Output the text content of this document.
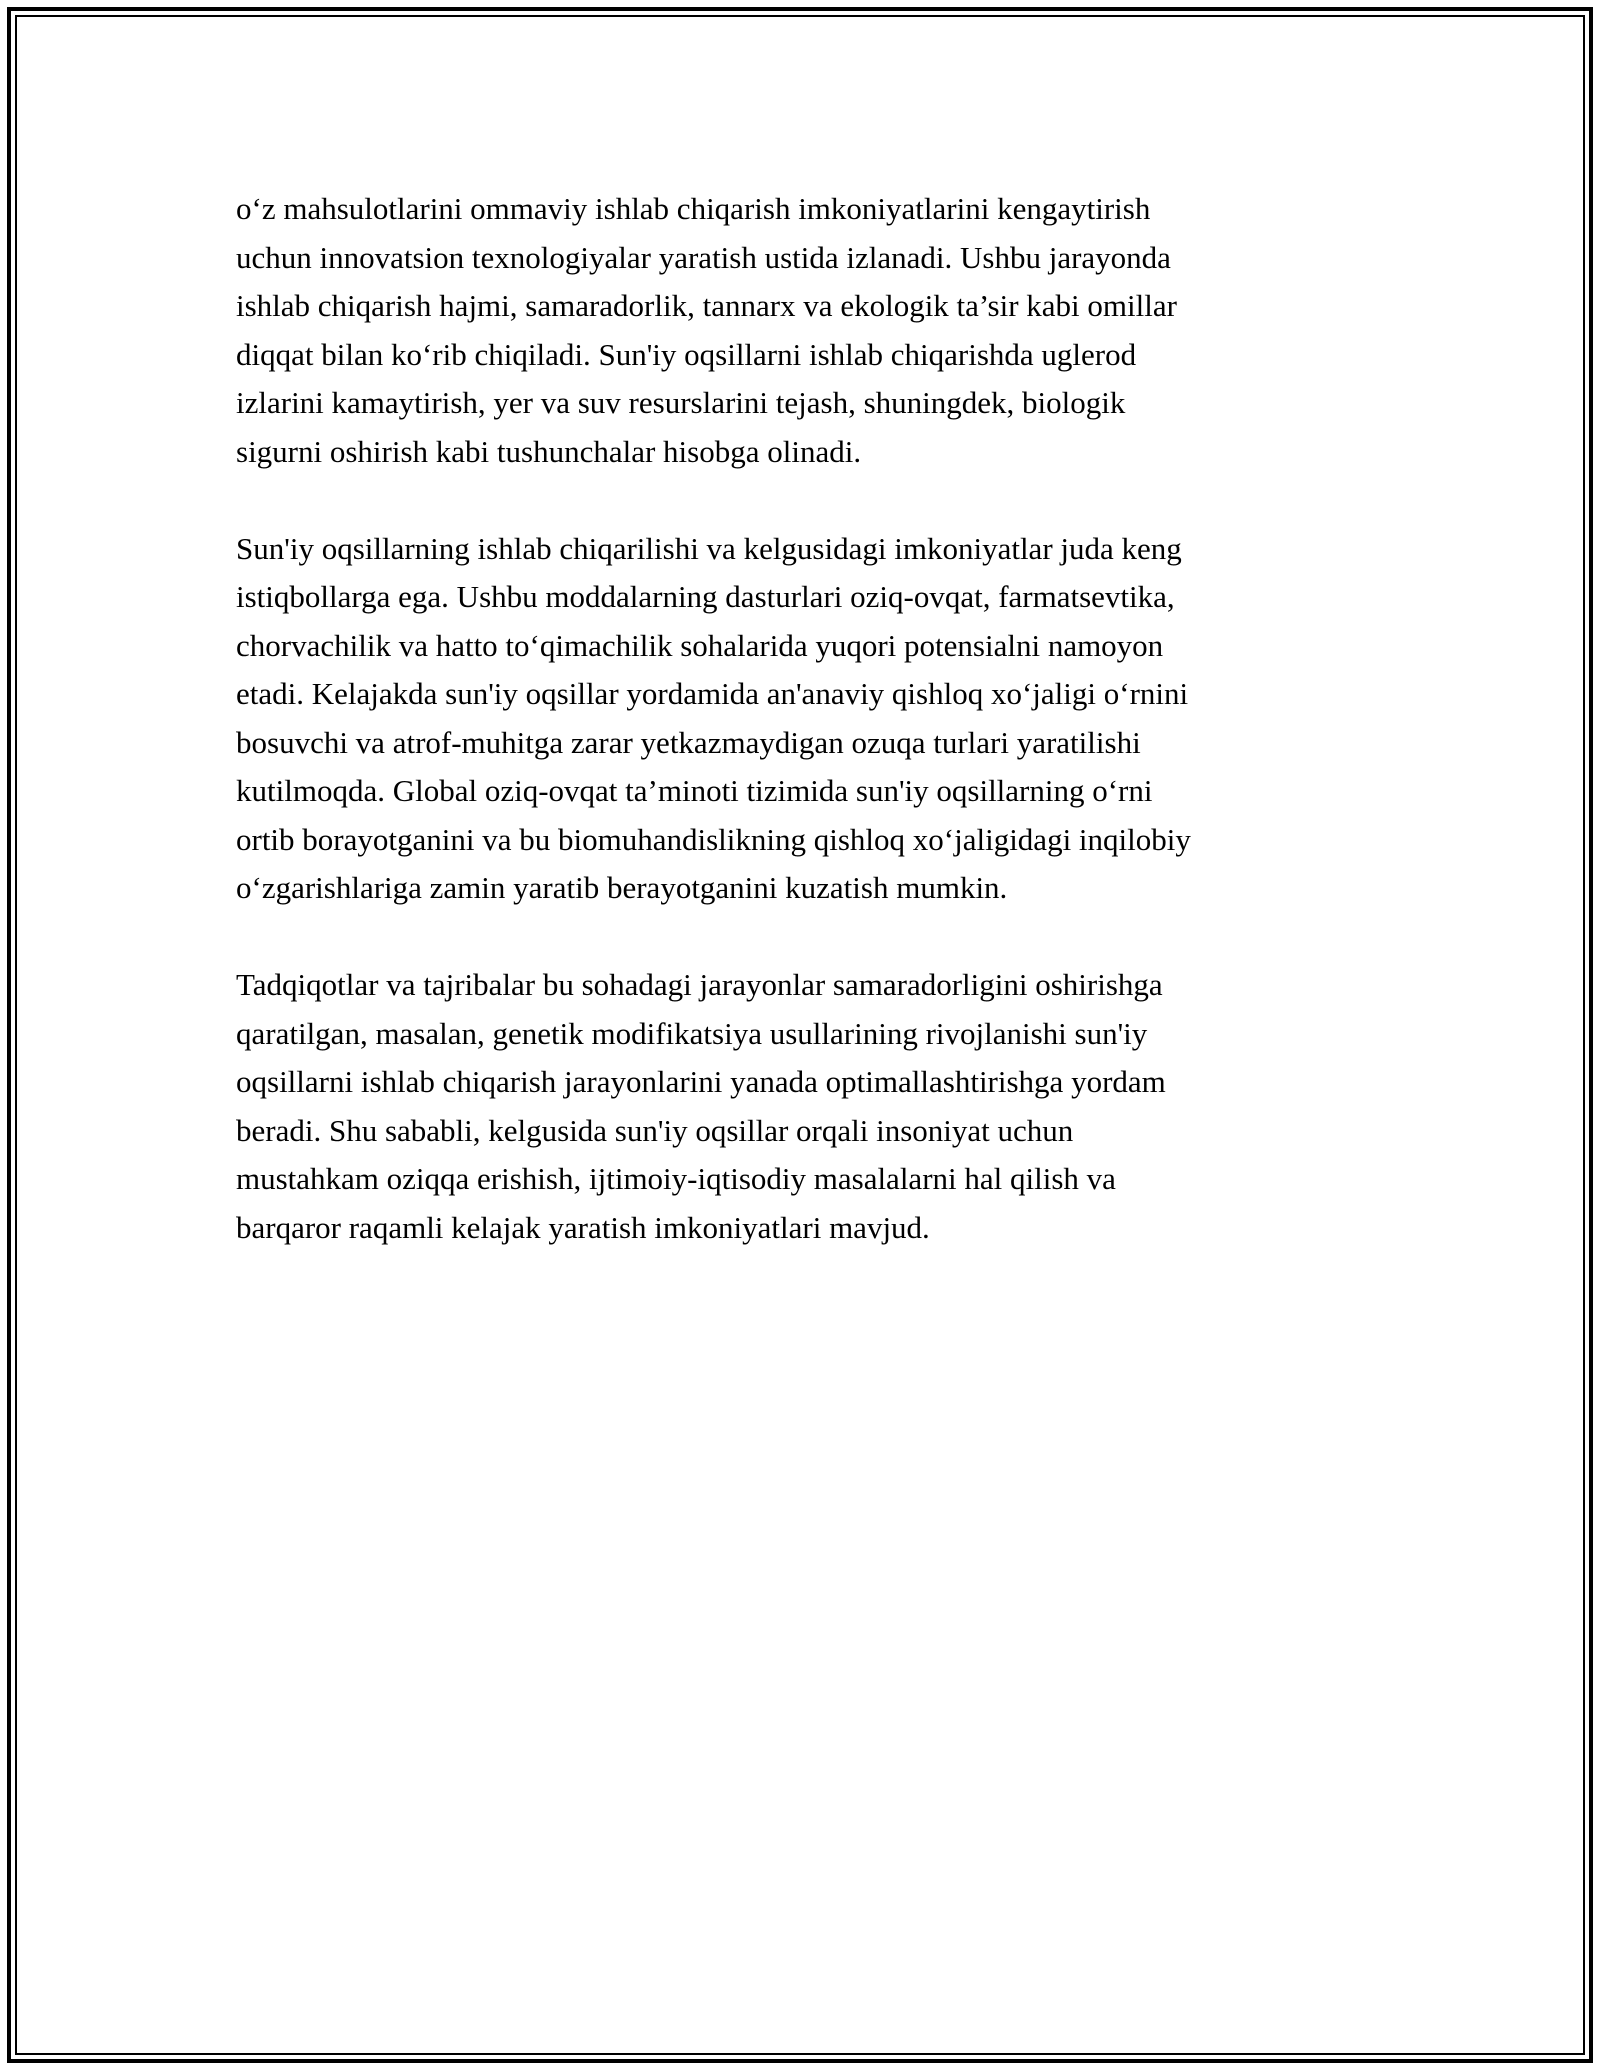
o‘z mahsulotlarini ommaviy ishlab chiqarish imkoniyatlarini kengaytirish
uchun innovatsion texnologiyalar yaratish ustida izlanadi. Ushbu jarayonda
ishlab chiqarish hajmi, samaradorlik, tannarx va ekologik ta’sir kabi omillar
diqqat bilan ko‘rib chiqiladi. Sun'iy oqsillarni ishlab chiqarishda uglerod
izlarini kamaytirish, yer va suv resurslarini tejash, shuningdek, biologik
sigurni oshirish kabi tushunchalar hisobga olinadi.

Sun'iy oqsillarning ishlab chiqarilishi va kelgusidagi imkoniyatlar juda keng
istiqbollarga ega. Ushbu moddalarning dasturlari oziq-ovqat, farmatsevtika,
chorvachilik va hatto to‘qimachilik sohalarida yuqori potensialni namoyon
etadi. Kelajakda sun'iy oqsillar yordamida an'anaviy qishloq xo‘jaligi o‘rnini
bosuvchi va atrof-muhitga zarar yetkazmaydigan ozuqa turlari yaratilishi
kutilmoqda. Global oziq-ovqat ta’minoti tizimida sun'iy oqsillarning o‘rni
ortib borayotganini va bu biomuhandislikning qishloq xo‘jaligidagi inqilobiy
o‘zgarishlariga zamin yaratib berayotganini kuzatish mumkin.

Tadqiqotlar va tajribalar bu sohadagi jarayonlar samaradorligini oshirishga
qaratilgan, masalan, genetik modifikatsiya usullarining rivojlanishi sun'iy
oqsillarni ishlab chiqarish jarayonlarini yanada optimallashtirishga yordam
beradi. Shu sababli, kelgusida sun'iy oqsillar orqali insoniyat uchun
mustahkam oziqqa erishish, ijtimoiy-iqtisodiy masalalarni hal qilish va
barqaror raqamli kelajak yaratish imkoniyatlari mavjud.
